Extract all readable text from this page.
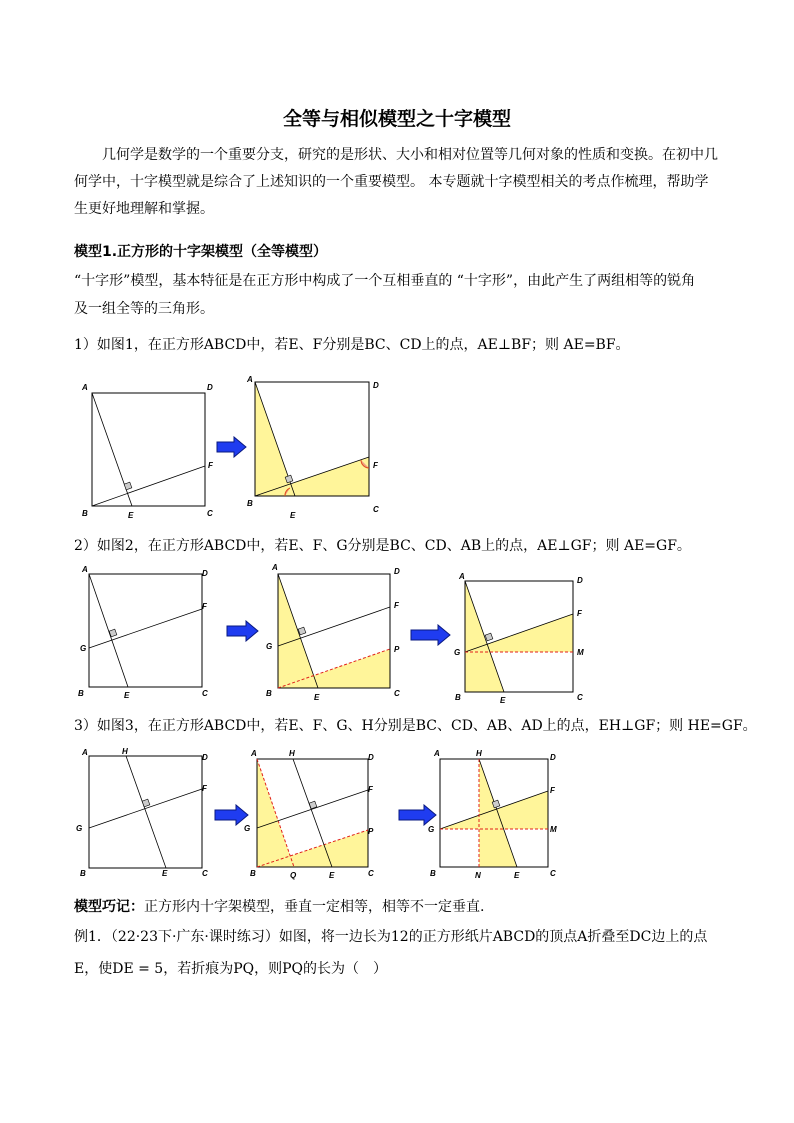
全等与相似模型之十字模型

几何学是数学的一个重要分支，研究的是形状、大小和相对位置等几何对象的性质和变换。在初中几何学中，十字模型就是综合了上述知识的一个重要模型。 本专题就十字模型相关的考点作梳理，帮助学生更好地理解和掌握。

模型1.正方形的十字架模型（全等模型）

“十字形”模型，基本特征是在正方形中构成了一个互相垂直的 “十字形”，由此产生了两组相等的锐角

及一组全等的三角形。

1）如图1，在正方形ABCD中，若E、F分别是BC、CD上的点，AE⊥BF；则 AE=BF。

A	D
B	C
E
F
A
D
B
C
E
F

2）如图2，在正方形ABCD中，若E、F、G分别是BC、CD、AB上的点，AE⊥GF；则 AE=GF。

A	D
G
F
B	C
E
A	D
G
F
P
B	C
E
A	D
G
F
M
B	C
E

3）如图3，在正方形ABCD中，若E、F、G、H分别是BC、CD、AB、AD上的点，EH⊥GF；则 HE=GF。

A	H
D
F
G
B	E	C
A	H	D
F
G	P
B	Q	E	C
A	H	D
F
G	M
B	N	E	C

模型巧记：正方形内十字架模型，垂直一定相等，相等不一定垂直.

例1．（22·23下·广东·课时练习）如图，将一边长为12的正方形纸片ABCD的顶点A折叠至DC边上的点

E，使DE = 5，若折痕为PQ，则PQ的长为（　）
